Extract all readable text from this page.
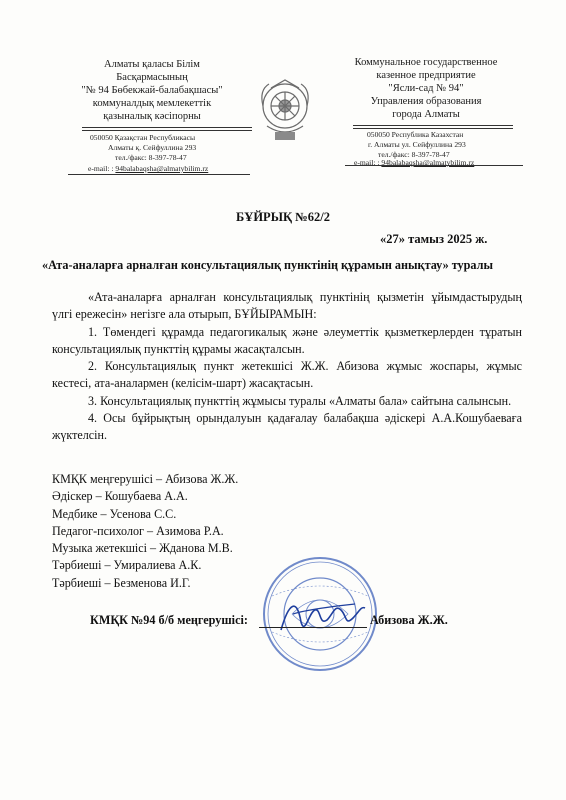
Алматы қаласы Білім
Басқармасының
"№ 94 Бөбекжай-балабақшасы"
коммуналдық мемлекеттік
қазыналық кәсіпорны
Коммунальное государственное
казенное предприятие
"Ясли-сад № 94"
Управления образования
города Алматы
050050 Қазақстан Республикасы
Алматы қ. Сейфуллина 293
тел./факс: 8-397-78-47
e-mail: : 94balabaqsha@almatybilim.rz
050050 Республика Казахстан
г. Алматы ул. Сейфуллина 293
тел./факс: 8-397-78-47
e-mail: : 94balabaqsha@almatybilim.rz
БҰЙРЫҚ №62/2
«27» тамыз 2025 ж.
«Ата-аналарға арналған консультациялық пунктінің құрамын анықтау» туралы

«Ата-аналарға арналған консультациялық пунктінің қызметін ұйымдастырудың үлгі ережесін» негізге ала отырып, БҰЙЫРАМЫН:

1. Төмендегі құрамда педагогикалық және әлеуметтік қызметкерлерден тұратын консультациялық пункттің құрамы жасақталсын.

2. Консультациялық пункт жетекшісі Ж.Ж. Абизова жұмыс жоспары, жұмыс кестесі, ата-аналармен (келісім-шарт) жасақтасын.

3. Консультациялық пункттің жұмысы туралы «Алматы бала» сайтына салынсын.

4. Осы бұйрықтың орындалуын қадағалау балабақша әдіскері А.А.Кошубаевағa жүктелсін.

КМҚК меңгерушісі – Абизова Ж.Ж.
Әдіскер – Кошубаева А.А.
Медбике – Усенова С.С.
Педагог-психолог – Азимова Р.А.
Музыка жетекшісі – Жданова М.В.
Тәрбиеші – Умиралиева А.К.
Тәрбиеші – Безменова И.Г.
КМҚК №94 б/б меңгерушісі:	Абизова Ж.Ж.
